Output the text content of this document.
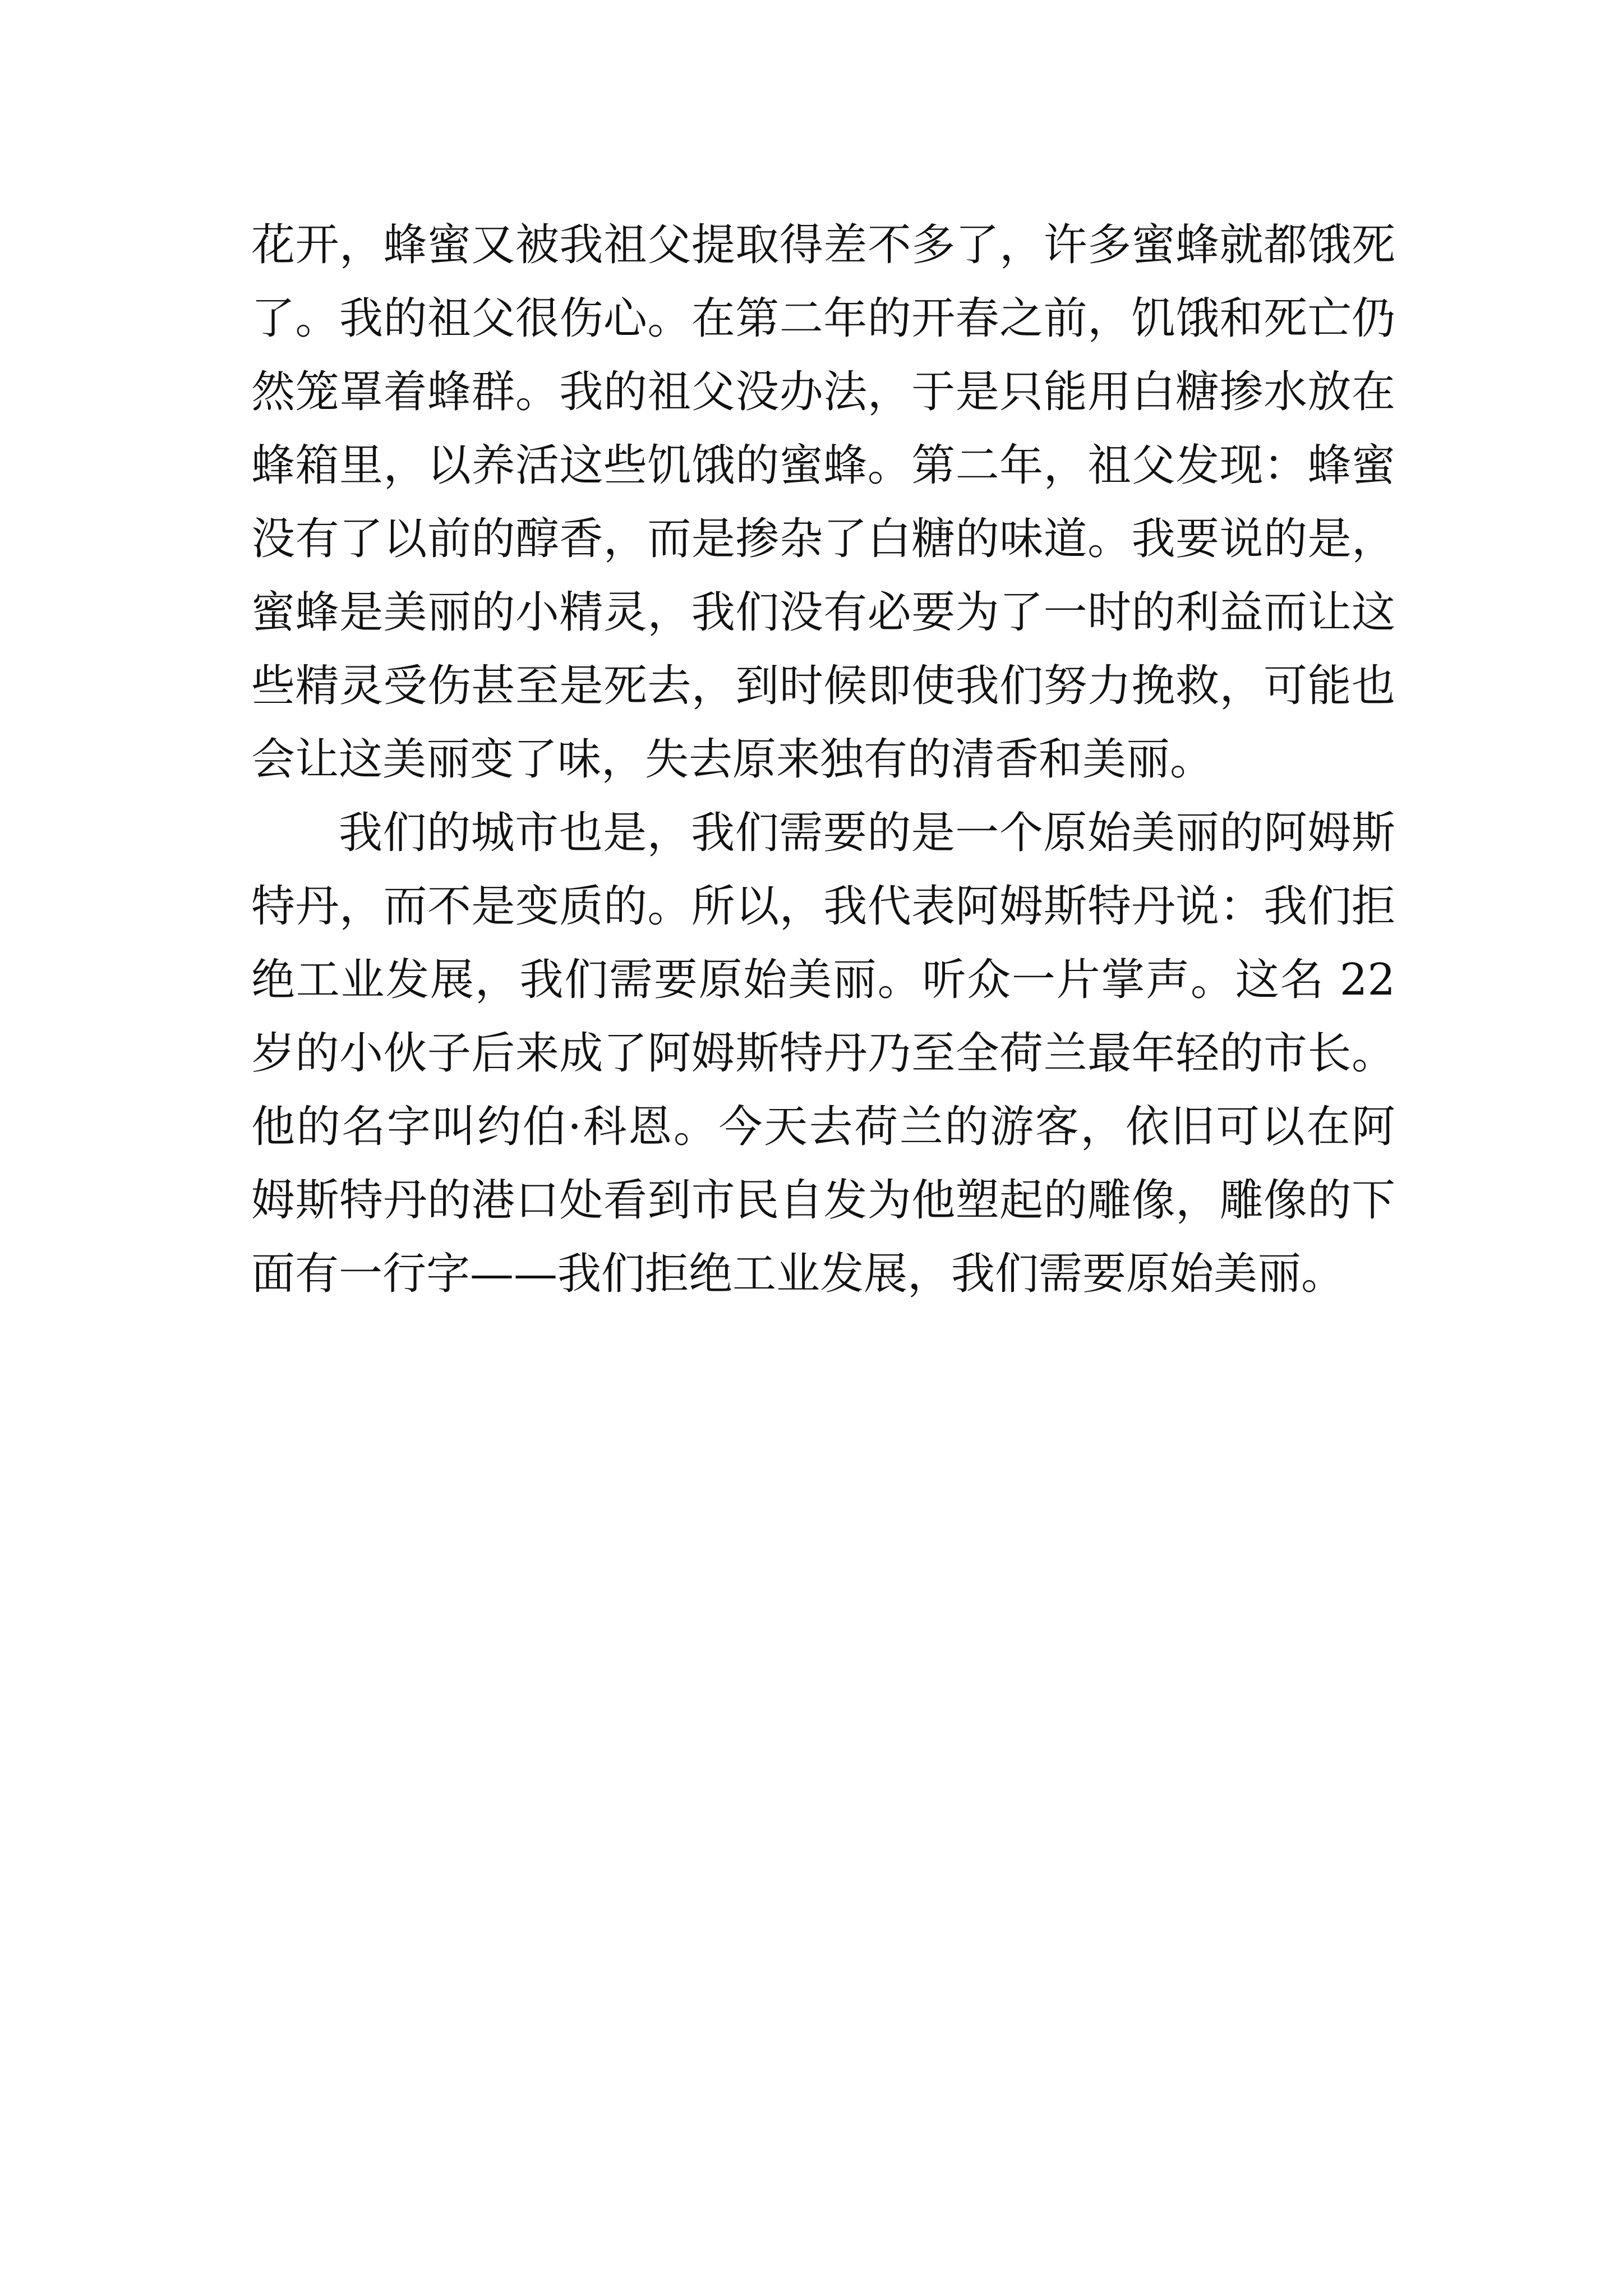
花开，蜂蜜又被我祖父提取得差不多了，许多蜜蜂就都饿死
了。我的祖父很伤心。在第二年的开春之前，饥饿和死亡仍
然笼罩着蜂群。我的祖父没办法，于是只能用白糖掺水放在
蜂箱里，以养活这些饥饿的蜜蜂。第二年，祖父发现：蜂蜜
没有了以前的醇香，而是掺杂了白糖的味道。我要说的是，
蜜蜂是美丽的小精灵，我们没有必要为了一时的利益而让这
些精灵受伤甚至是死去，到时候即使我们努力挽救，可能也
会让这美丽变了味，失去原来独有的清香和美丽。
我们的城市也是，我们需要的是一个原始美丽的阿姆斯
特丹，而不是变质的。所以，我代表阿姆斯特丹说：我们拒
绝工业发展，我们需要原始美丽。听众一片掌声。这名 22
岁的小伙子后来成了阿姆斯特丹乃至全荷兰最年轻的市长。
他的名字叫约伯·科恩。今天去荷兰的游客，依旧可以在阿
姆斯特丹的港口处看到市民自发为他塑起的雕像，雕像的下
面有一行字——我们拒绝工业发展，我们需要原始美丽。
